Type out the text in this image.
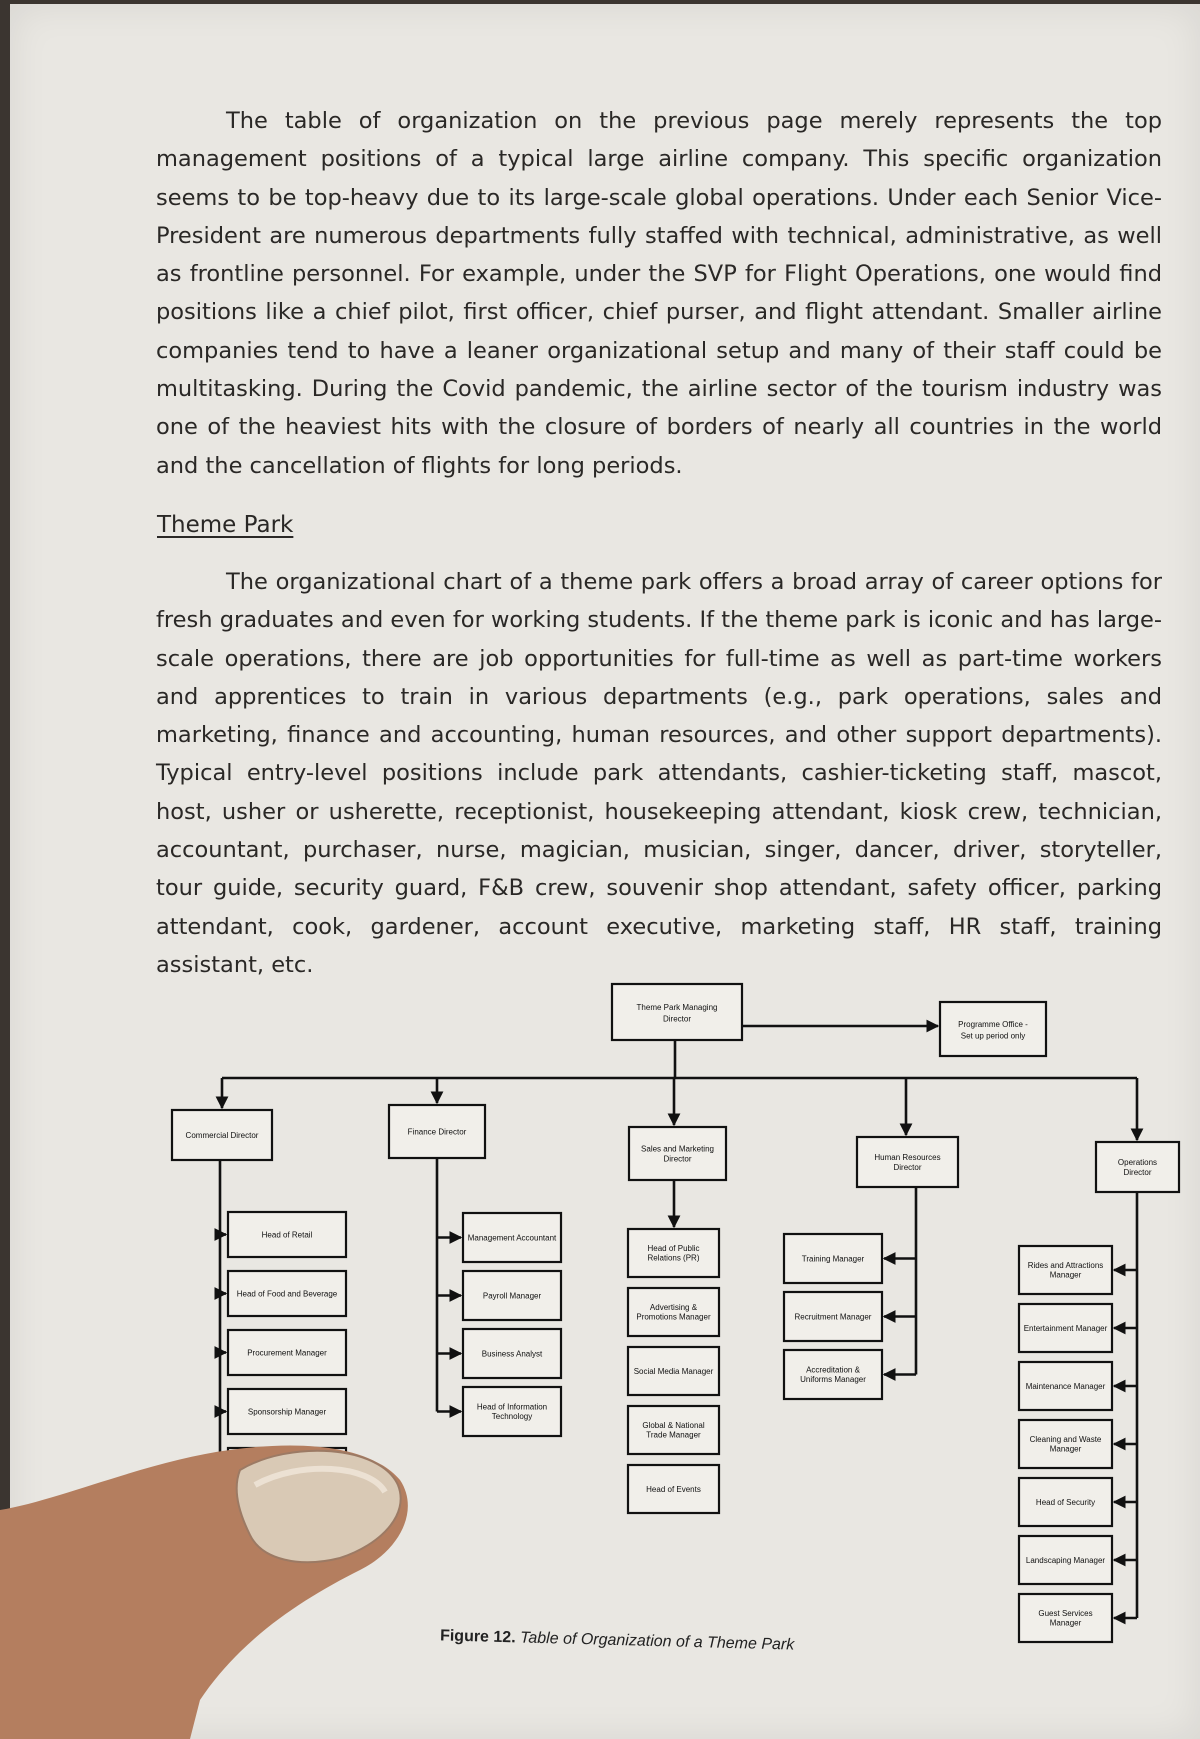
The table of organization on the previous page merely represents the top management positions of a typical large airline company. This specific organization seems to be top-heavy due to its large-scale global operations. Under each Senior Vice-President are numerous departments fully staffed with technical, administrative, as well as frontline personnel. For example, under the SVP for Flight Operations, one would find positions like a chief pilot, first officer, chief purser, and flight attendant. Smaller airline companies tend to have a leaner organizational setup and many of their staff could be multitasking. During the Covid pandemic, the airline sector of the tourism industry was one of the heaviest hits with the closure of borders of nearly all countries in the world and the cancellation of flights for long periods.

Theme Park

The organizational chart of a theme park offers a broad array of career options for fresh graduates and even for working students. If the theme park is iconic and has large-scale operations, there are job opportunities for full-time as well as part-time workers and apprentices to train in various departments (e.g., park operations, sales and marketing, finance and accounting, human resources, and other support departments). Typical entry-level positions include park attendants, cashier-ticketing staff, mascot, host, usher or usherette, receptionist, housekeeping attendant, kiosk crew, technician, accountant, purchaser, nurse, magician, musician, singer, dancer, driver, storyteller, tour guide, security guard, F&B crew, souvenir shop attendant, safety officer, parking attendant, cook, gardener, account executive, marketing staff, HR staff, training assistant, etc.

Theme Park Managing Director
Programme Office -Set up period only
Commercial Director
Head of Retail
Head of Food and Beverage
Procurement Manager
Sponsorship Manager
Finance Director
Management Accountant
Payroll Manager
Business Analyst
Head of Information Technology
Sales and Marketing Director
Head of Public Relations (PR)
Advertising & Promotions Manager
Social Media Manager
Global & National Trade Manager
Head of Events
Human Resources Director
Training Manager
Recruitment Manager
Accreditation & Uniforms Manager
Operations Director
Rides and Attractions Manager
Entertainment Manager
Maintenance Manager
Cleaning and Waste Manager
Head of Security
Landscaping Manager
Guest Services Manager
Figure 12. Table of Organization of a Theme Park
